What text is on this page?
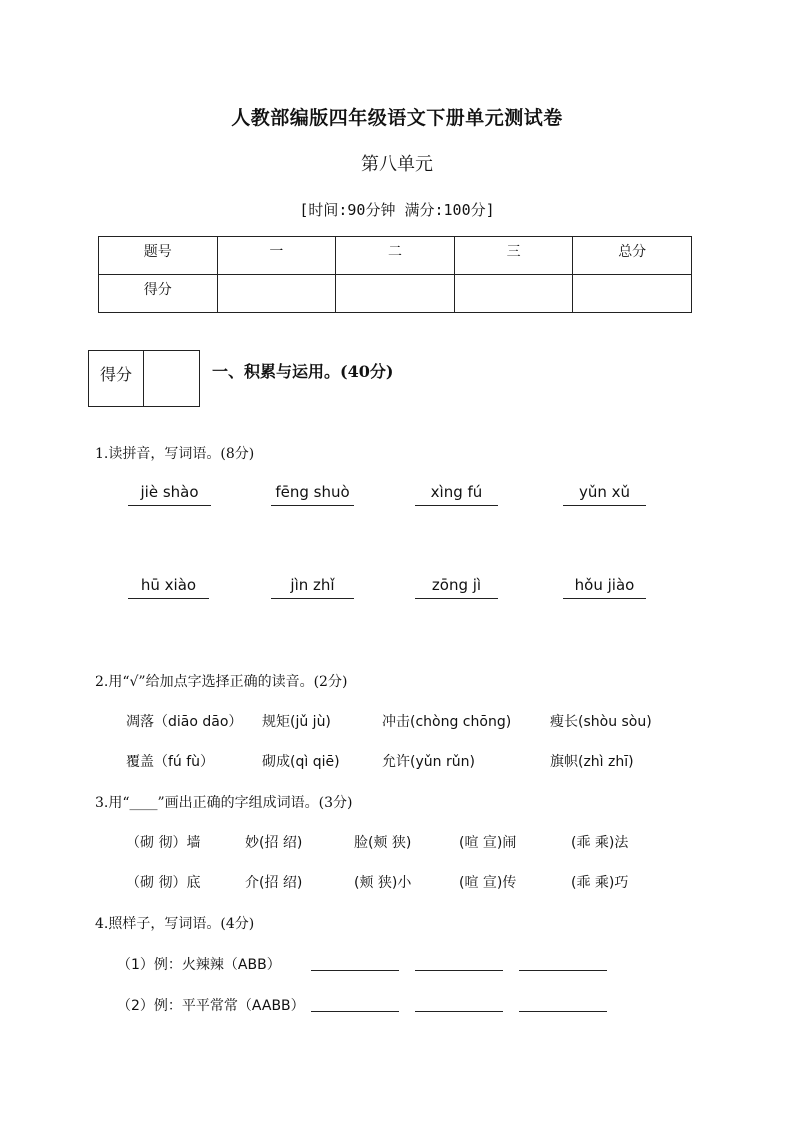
人教部编版四年级语文下册单元测试卷
第八单元
[时间:90分钟 满分:100分]
题号	一	二	三	总分
得分				
得分	一、积累与运用。(40分)
1.读拼音，写词语。(8分)
jiè shào	fēng shuò	xìng fú	yǔn xǔ
hū xiào	jìn zhǐ	zōng jì	hǒu jiào
2.用“√”给加点字选择正确的读音。(2分)
凋落（diāo dāo） 规矩(jǔ jù)	冲击(chòng chōng)	瘦长(shòu sòu)
覆盖（fú fù）	砌成(qì qiē)	允许(yǔn rǔn)	旗帜(zhì zhī)
3.用“____”画出正确的字组成词语。(3分)
（砌 彻）墙	妙(招 绍)	脸(颊 狭)	(喧 宣)闹	(乖 乘)法
（砌 彻）底	介(招 绍)	(颊 狭)小	(喧 宣)传	(乖 乘)巧
4.照样子，写词语。(4分)
（1）例：火辣辣（ABB）
（2）例：平平常常（AABB）
